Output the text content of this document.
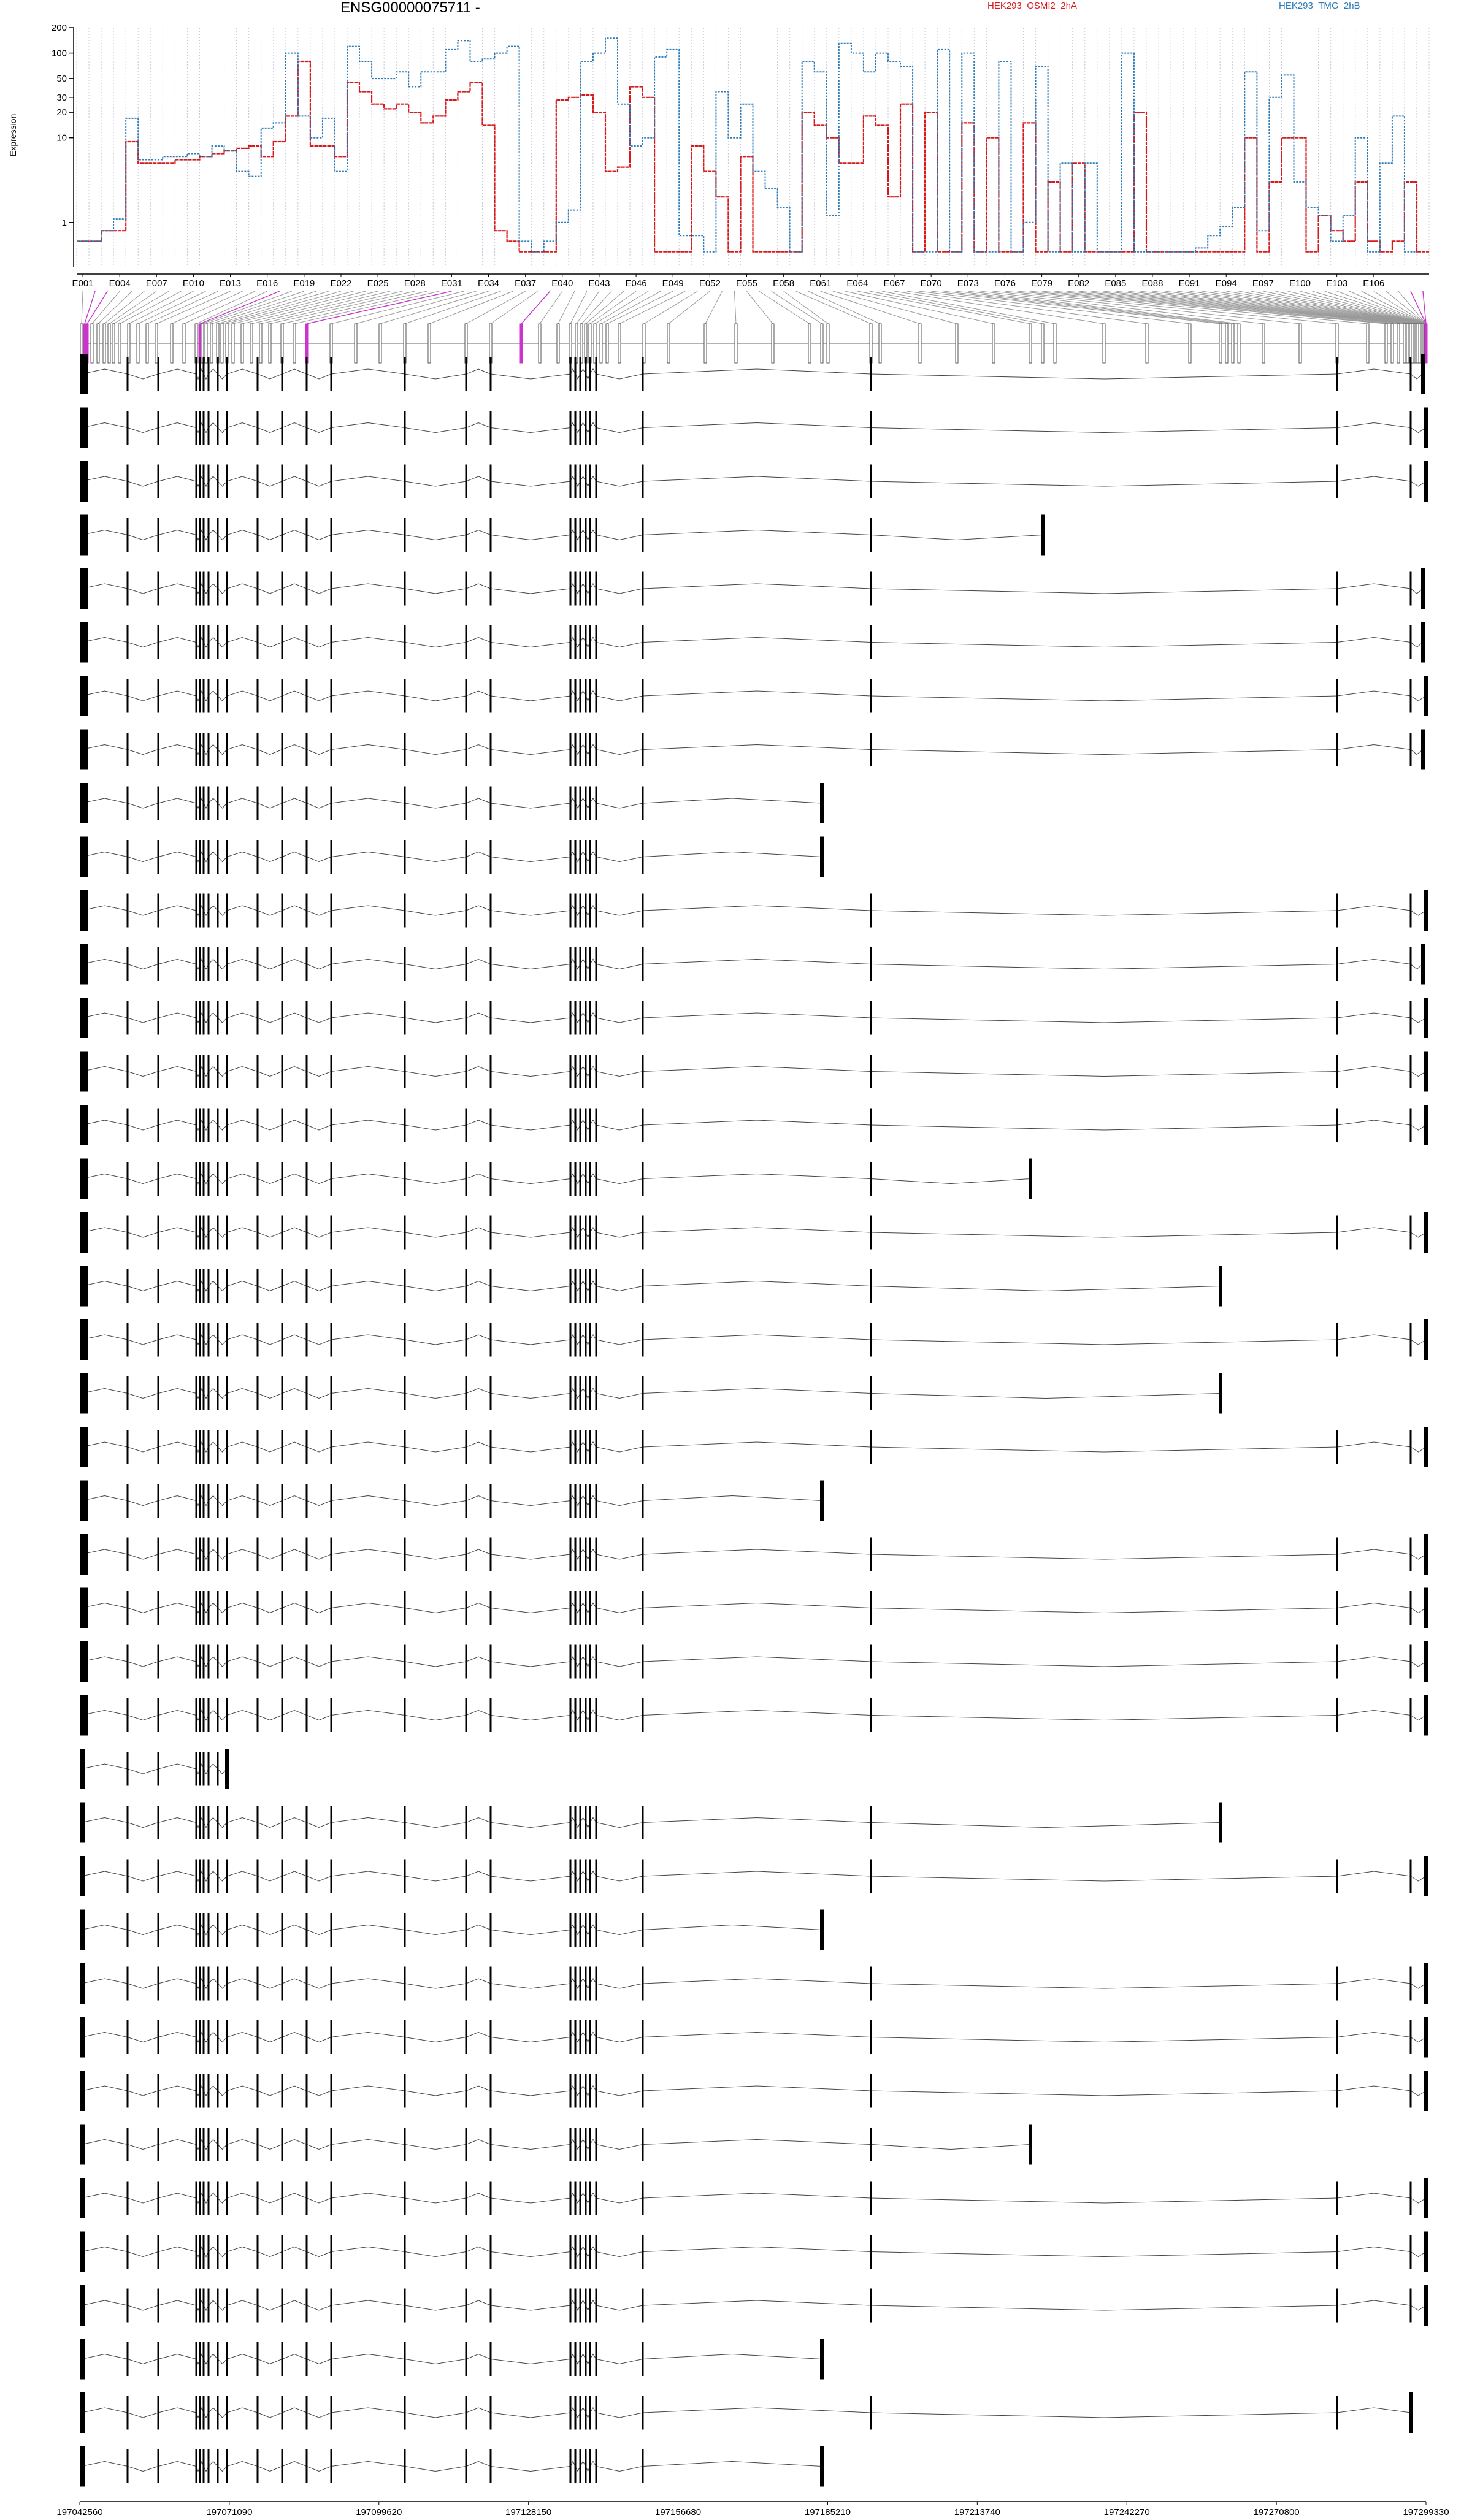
ENSG00000075711 -	HEK293_OSMI2_2hA	HEK293_TMG_2hB
Expression
200
100
50
30
20
10
1
E001 E004 E007 E010 E013 E016 E019 E022 E025 E028 E031 E034 E037 E040 E043 E046 E049 E052 E055 E058 E061 E064 E067 E070 E073 E076 E079 E082 E085 E088 E091 E094 E097 E100 E103 E106
197042560	197071090	197099620	197128150	197156680	197185210	197213740	197242270	197270800	197299330
